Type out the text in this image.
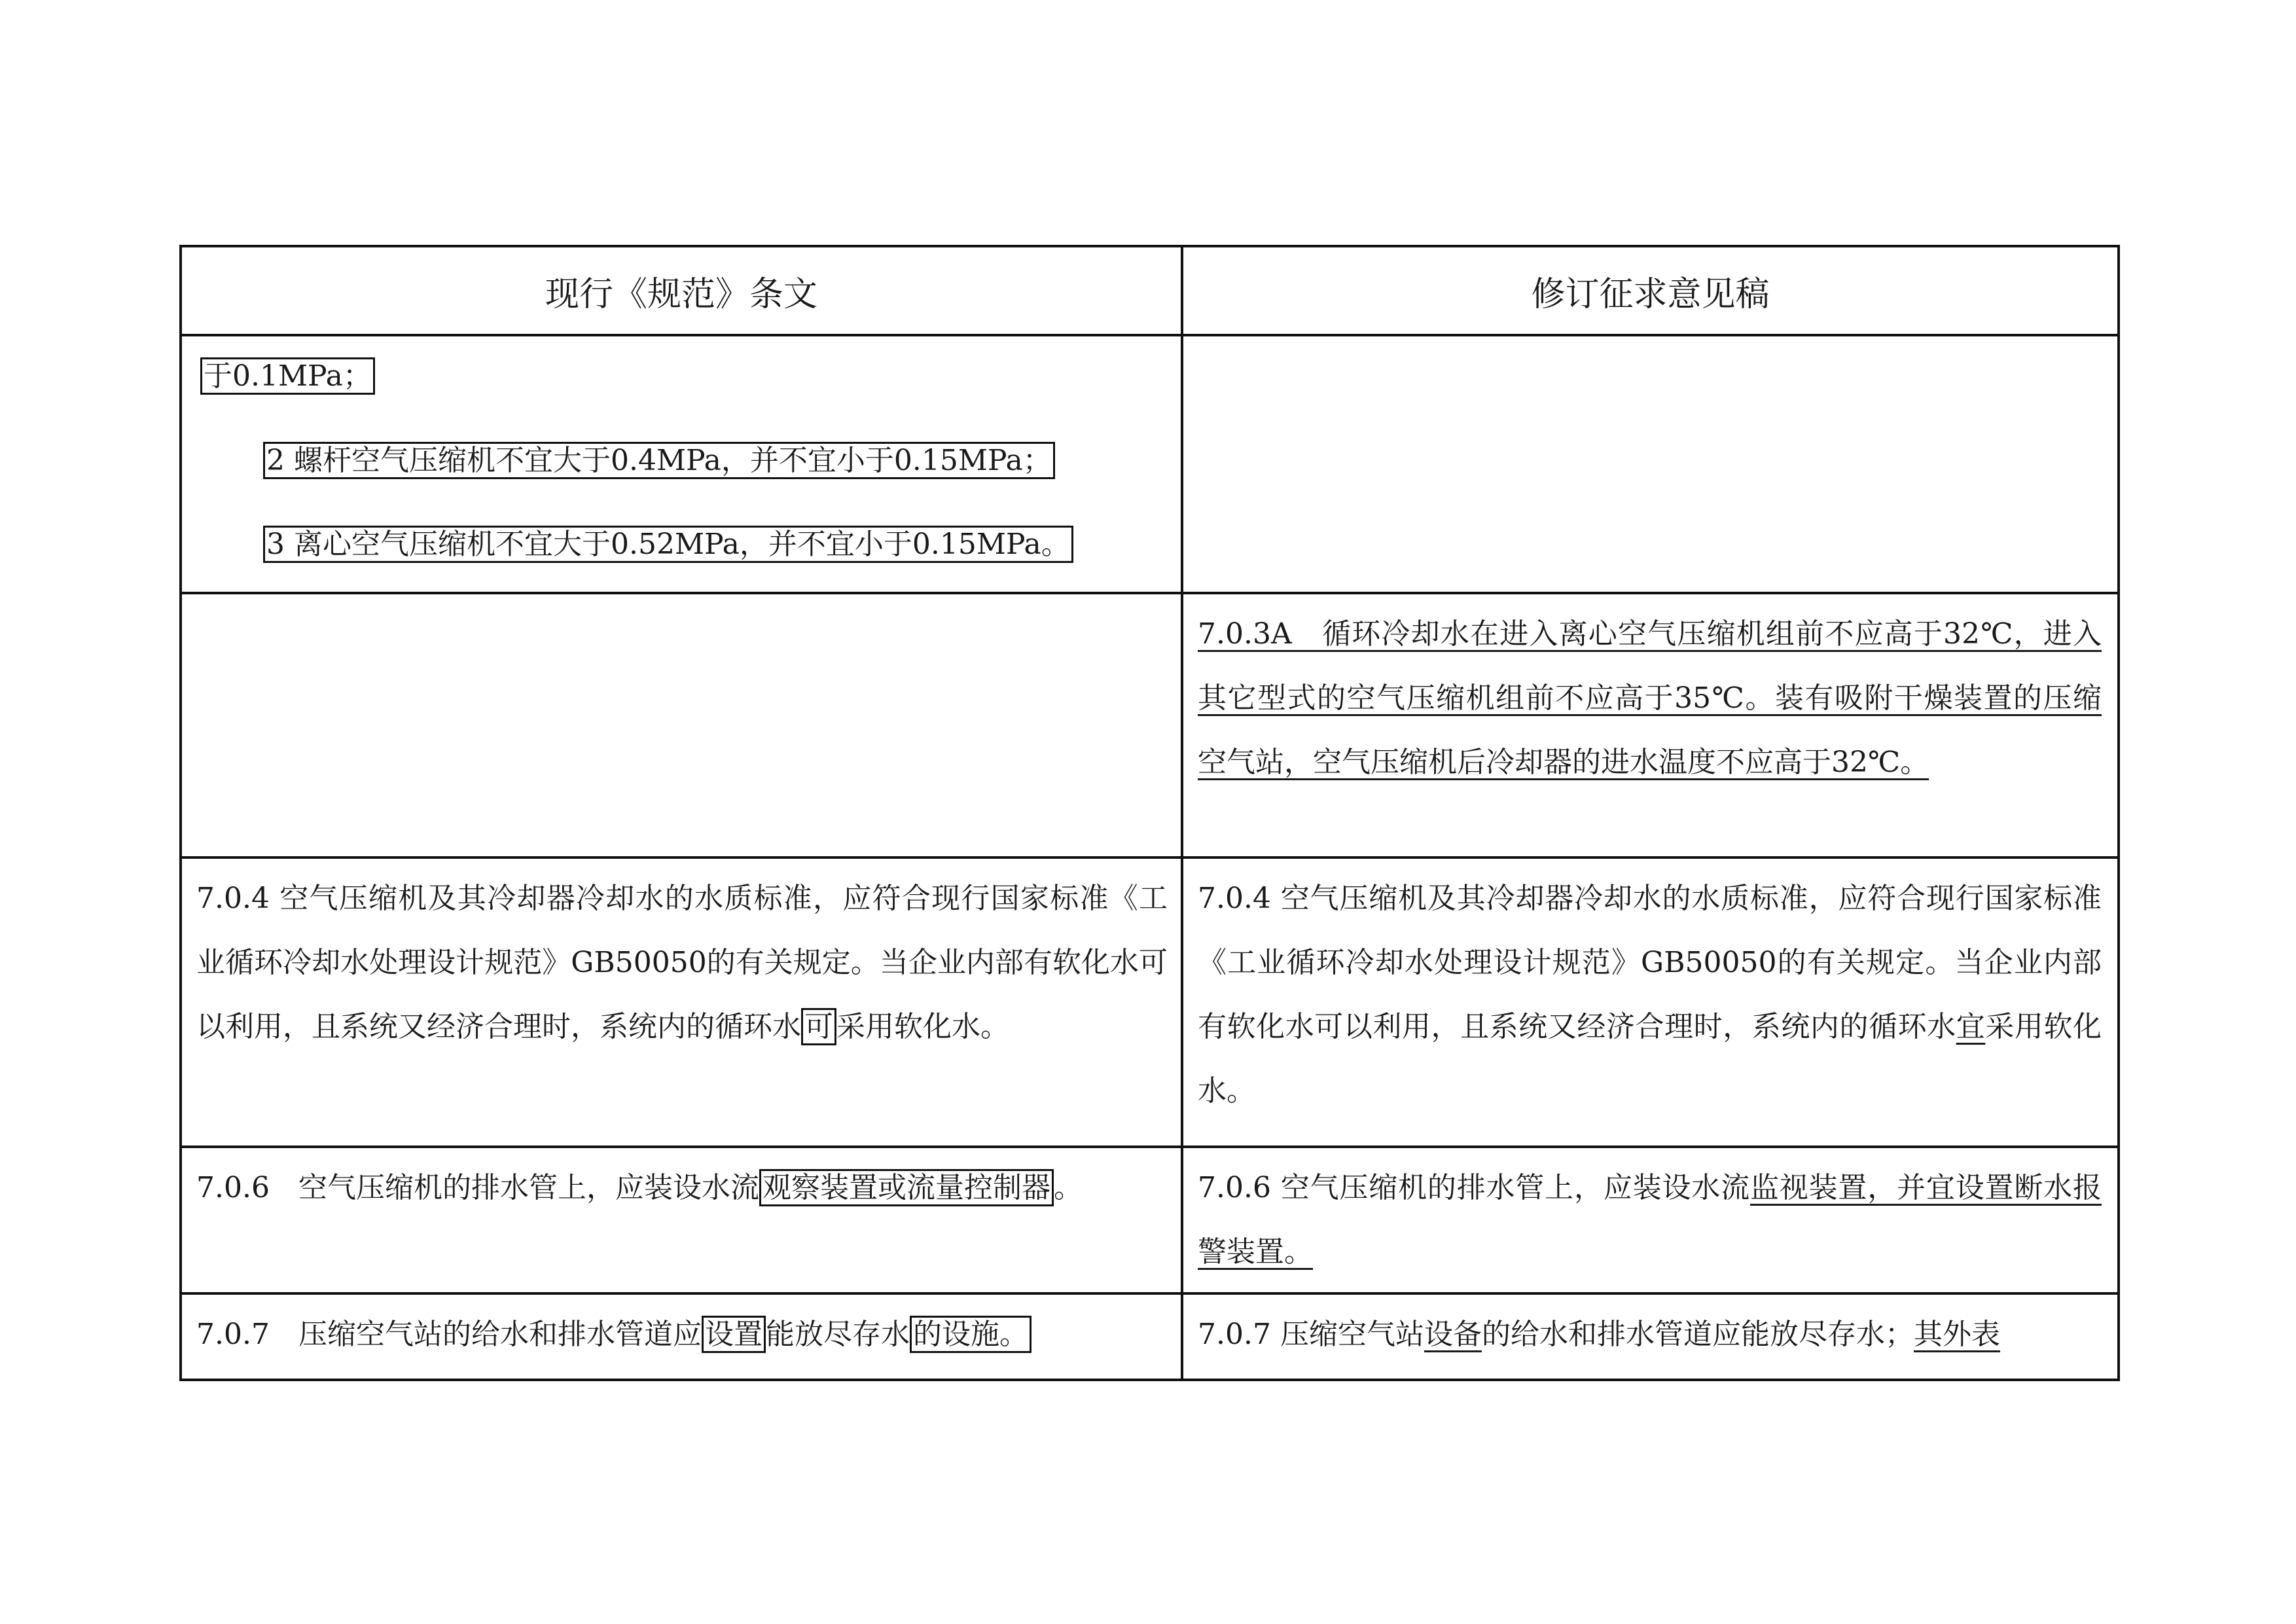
现行《规范》条文	修订征求意见稿

于0.1MPa；
2 螺杆空气压缩机不宜大于0.4MPa，并不宜小于0.15MPa；
3 离心空气压缩机不宜大于0.52MPa，并不宜小于0.15MPa。	

	7.0.3A　循环冷却水在进入离心空气压缩机组前不应高于32℃，进入其它型式的空气压缩机组前不应高于35℃。装有吸附干燥装置的压缩空气站，空气压缩机后冷却器的进水温度不应高于32℃。

7.0.4 空气压缩机及其冷却器冷却水的水质标准，应符合现行国家标准《工业循环冷却水处理设计规范》GB50050的有关规定。当企业内部有软化水可以利用，且系统又经济合理时，系统内的循环水 可 采用软化水。	7.0.4 空气压缩机及其冷却器冷却水的水质标准，应符合现行国家标准《工业循环冷却水处理设计规范》GB50050的有关规定。当企业内部有软化水可以利用，且系统又经济合理时，系统内的循环水宜采用软化水。

7.0.6　空气压缩机的排水管上，应装设水流 观察装置或流量控制器 。	7.0.6 空气压缩机的排水管上，应装设水流监视装置，并宜设置断水报警装置。

7.0.7　压缩空气站的给水和排水管道应 设置 能放尽存水 的设施。	7.0.7 压缩空气站设备的给水和排水管道应能放尽存水；其外表
